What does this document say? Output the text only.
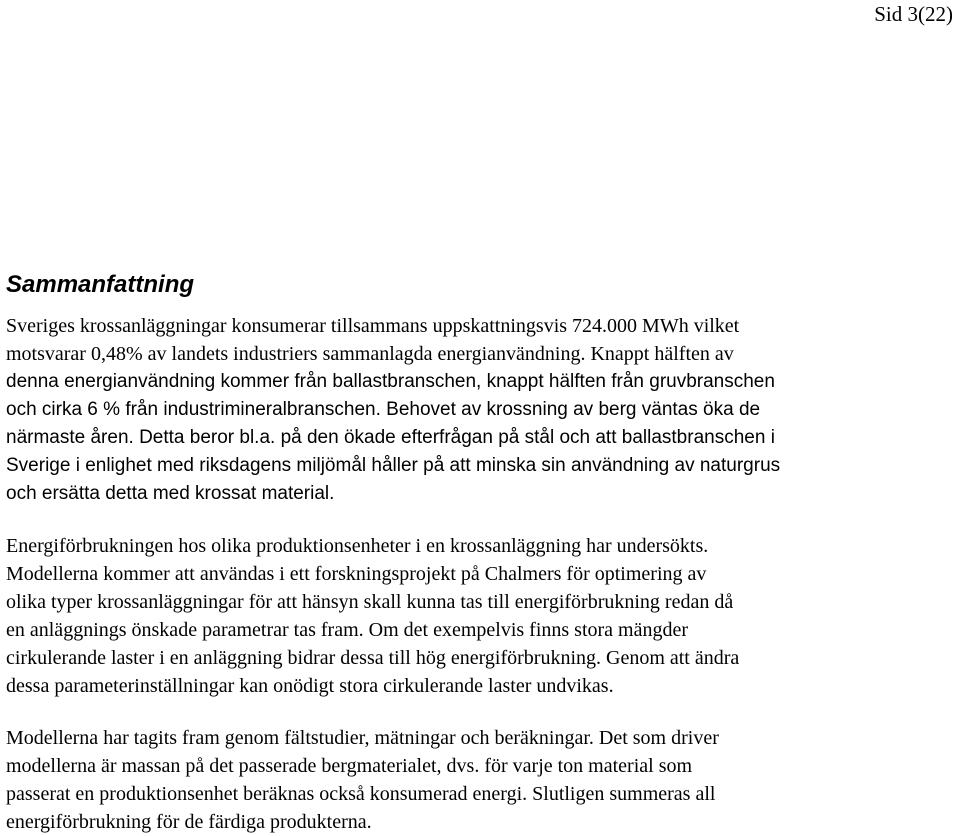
Sid 3(22)
Sammanfattning
Sveriges krossanläggningar konsumerar tillsammans uppskattningsvis 724.000 MWh vilket
motsvarar 0,48% av landets industriers sammanlagda energianvändning. Knappt hälften av
denna energianvändning kommer från ballastbranschen, knappt hälften från gruvbranschen
och cirka 6 % från industrimineralbranschen. Behovet av krossning av berg väntas öka de
närmaste åren. Detta beror bl.a. på den ökade efterfrågan på stål och att ballastbranschen i
Sverige i enlighet med riksdagens miljömål håller på att minska sin användning av naturgrus
och ersätta detta med krossat material.
Energiförbrukningen hos olika produktionsenheter i en krossanläggning har undersökts.
Modellerna kommer att användas i ett forskningsprojekt på Chalmers för optimering av
olika typer krossanläggningar för att hänsyn skall kunna tas till energiförbrukning redan då
en anläggnings önskade parametrar tas fram. Om det exempelvis finns stora mängder
cirkulerande laster i en anläggning bidrar dessa till hög energiförbrukning. Genom att ändra
dessa parameterinställningar kan onödigt stora cirkulerande laster undvikas.
Modellerna har tagits fram genom fältstudier, mätningar och beräkningar. Det som driver
modellerna är massan på det passerade bergmaterialet, dvs. för varje ton material som
passerat en produktionsenhet beräknas också konsumerad energi. Slutligen summeras all
energiförbrukning för de färdiga produkterna.
